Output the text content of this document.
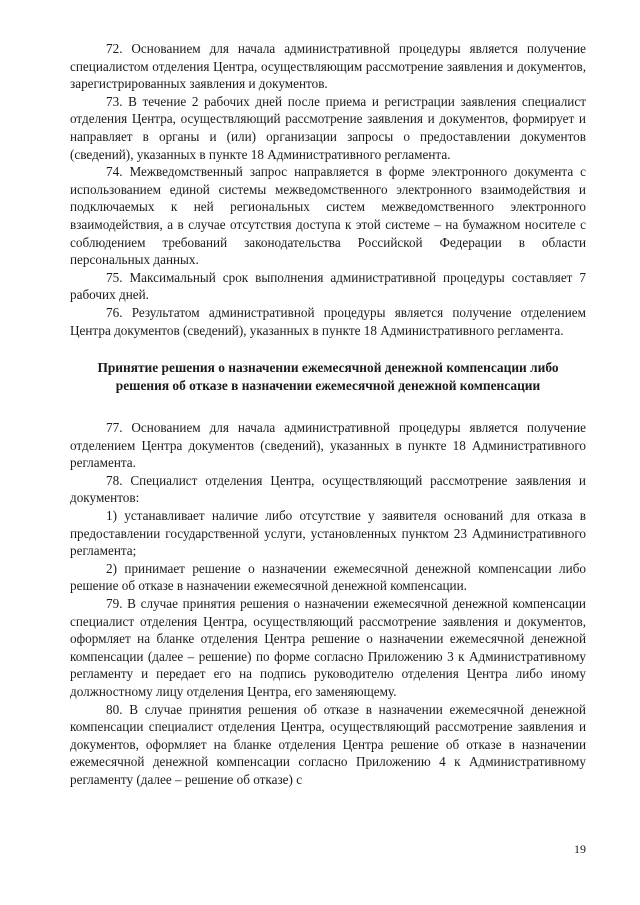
72. Основанием для начала административной процедуры является получение специалистом отделения Центра, осуществляющим рассмотрение заявления и документов, зарегистрированных заявления и документов.

73. В течение 2 рабочих дней после приема и регистрации заявления специалист отделения Центра, осуществляющий рассмотрение заявления и документов, формирует и направляет в органы и (или) организации запросы о предоставлении документов (сведений), указанных в пункте 18 Административного регламента.

74. Межведомственный запрос направляется в форме электронного документа с использованием единой системы межведомственного электронного взаимодействия и подключаемых к ней региональных систем межведомственного электронного взаимодействия, а в случае отсутствия доступа к этой системе – на бумажном носителе с соблюдением требований законодательства Российской Федерации в области персональных данных.

75. Максимальный срок выполнения административной процедуры составляет 7 рабочих дней.

76. Результатом административной процедуры является получение отделением Центра документов (сведений), указанных в пункте 18 Административного регламента.

Принятие решения о назначении ежемесячной денежной компенсации либо решения об отказе в назначении ежемесячной денежной компенсации

77. Основанием для начала административной процедуры является получение отделением Центра документов (сведений), указанных в пункте 18 Административного регламента.

78. Специалист отделения Центра, осуществляющий рассмотрение заявления и документов:

1) устанавливает наличие либо отсутствие у заявителя оснований для отказа в предоставлении государственной услуги, установленных пунктом 23 Административного регламента;

2) принимает решение о назначении ежемесячной денежной компенсации либо решение об отказе в назначении ежемесячной денежной компенсации.

79. В случае принятия решения о назначении ежемесячной денежной компенсации специалист отделения Центра, осуществляющий рассмотрение заявления и документов, оформляет на бланке отделения Центра решение о назначении ежемесячной денежной компенсации (далее – решение) по форме согласно Приложению 3 к Административному регламенту и передает его на подпись руководителю отделения Центра либо иному должностному лицу отделения Центра, его заменяющему.

80. В случае принятия решения об отказе в назначении ежемесячной денежной компенсации специалист отделения Центра, осуществляющий рассмотрение заявления и документов, оформляет на бланке отделения Центра решение об отказе в назначении ежемесячной денежной компенсации согласно Приложению 4 к Административному регламенту (далее – решение об отказе) с

19
